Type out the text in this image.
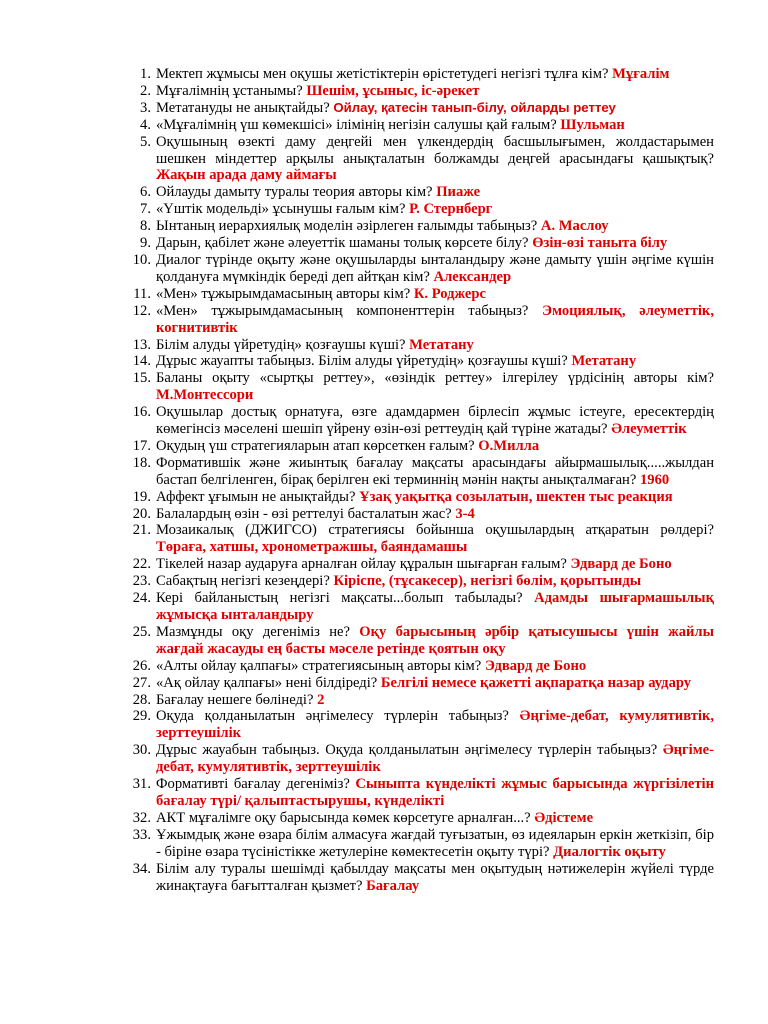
1. Мектеп жұмысы мен оқушы жетістіктерін өрістетудегі негізгі тұлға кім? Мұғалім
2. Мұғалімнің ұстанымы? Шешім, ұсыныс, іс-әрекет
3. Метатануды не анықтайды? Ойлау, қатесін танып-білу, ойларды реттеу
4. «Мұғалімнің үш көмекшісі» ілімінің негізін салушы қай ғалым? Шульман
5. Оқушының өзекті даму деңгейі мен үлкендердің басшылығымен, жолдастарымен шешкен міндеттер арқылы анықталатын болжамды деңгей арасындағы қашықтық? Жақын арада даму аймағы
6. Ойлауды дамыту туралы теория авторы кім? Пиаже
7. «Үштік модельді» ұсынушы ғалым кім? Р. Стернберг
8. Ынтаның иерархиялық моделін әзірлеген ғалымды табыңыз? А. Маслоу
9. Дарын, қабілет және әлеуеттік шаманы толық көрсете білу? Өзін-өзі таныта білу
10. Диалог түрінде оқыту және оқушыларды ынталандыру және дамыту үшін әңгіме күшін қолдануға мүмкіндік береді деп айтқан кім? Александер
11. «Мен» тұжырымдамасының авторы кім? К. Роджерс
12. «Мен» тұжырымдамасының компоненттерін табыңыз? Эмоциялық, әлеуметтік, когнитивтік
13. Білім алуды үйретудің» қозғаушы күші? Метатану
14. Дұрыс жауапты табыңыз. Білім алуды үйретудің» қозғаушы күші? Метатану
15. Баланы оқыту «сыртқы реттеу», «өзіндік реттеу» ілгерілеу үрдісінің авторы кім? М.Монтессори
16. Оқушылар достық орнатуға, өзге адамдармен бірлесіп жұмыс істеуге, ересектердің көмегінсіз мәселені шешіп үйрену өзін-өзі реттеудің қай түріне жатады? Әлеуметтік
17. Оқудың үш стратегияларын атап көрсеткен ғалым? О.Милла
18. Форматившік және жиынтық бағалау мақсаты арасындағы айырмашылық.....жылдан бастап белгіленген, бірақ берілген екі терминнің мәнін нақты анықталмаған? 1960
19. Аффект ұғымын не анықтайды? Ұзақ уақытқа созылатын, шектен тыс реакция
20. Балалардың өзін - өзі реттелуі басталатын жас? 3-4
21. Мозаикалық (ДЖИГСО) стратегиясы бойынша оқушылардың атқаратын рөлдері? Төраға, хатшы, хронометражшы, баяндамашы
22. Тікелей назар аударуға арналған ойлау құралын шығарған ғалым? Эдвард де Боно
23. Сабақтың негізгі кезеңдері? Кіріспе, (тұсакесер), негізгі бөлім, қорытынды
24. Кері байланыстың негізгі мақсаты...болып табылады? Адамды шығармашылық жұмысқа ынталандыру
25. Мазмұнды оқу дегеніміз не? Оқу барысының әрбір қатысушысы үшін жайлы жағдай жасауды ең басты мәселе ретінде қоятын оқу
26. «Алты ойлау қалпағы» стратегиясының авторы кім? Эдвард де Боно
27. «Ақ ойлау қалпағы» нені білдіреді? Белгілі немесе қажетті ақпаратқа назар аудару
28. Бағалау нешеге бөлінеді? 2
29. Оқуда қолданылатын әңгімелесу түрлерін табыңыз? Әңгіме-дебат, кумулятивтік, зерттеушілік
30. Дұрыс жауабын табыңыз. Оқуда қолданылатын әңгімелесу түрлерін табыңыз? Әңгіме-дебат, кумулятивтік, зерттеушілік
31. Формативті бағалау дегеніміз? Сыныпта күнделікті жұмыс барысында жүргізілетін бағалау түрі/ қалыптастырушы, күнделікті
32. АКТ мұғалімге оқу барысында көмек көрсетуге арналған...? Әдістеме
33. Ұжымдық және өзара білім алмасуға жағдай туғызатын, өз идеяларын еркін жеткізіп, бір - біріне өзара түсіністікке жетулеріне көмектесетін оқыту түрі? Диалогтік оқыту
34. Білім алу туралы шешімді қабылдау мақсаты мен оқытудың нәтижелерін жүйелі түрде жинақтауға бағытталған қызмет? Бағалау
